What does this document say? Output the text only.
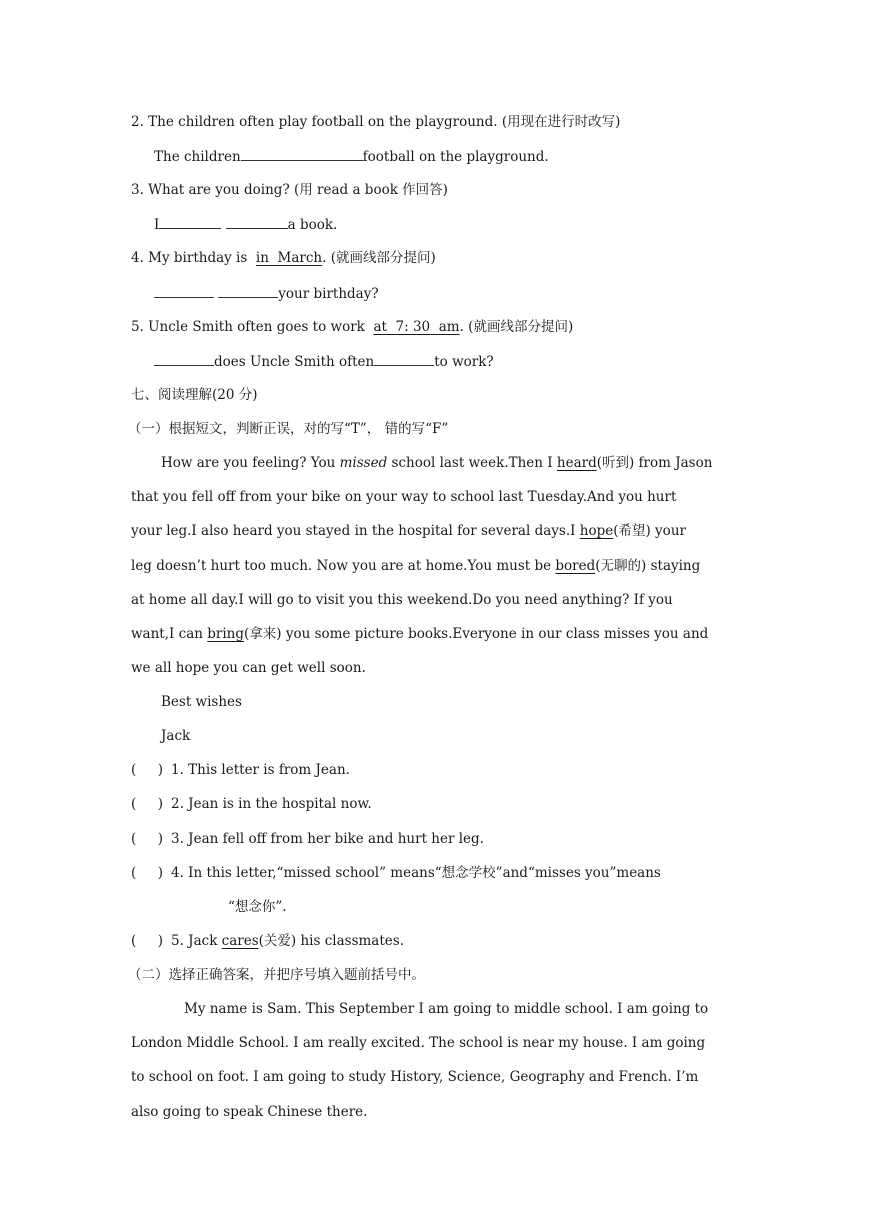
2. The children often play football on the playground. (用现在进行时改写)
The children	football on the playground.
3. What are you doing? (用 read a book 作回答)
I	a book.
4. My birthday is in March. (就画线部分提问)
your birthday?
5. Uncle Smith often goes to work at 7: 30 am. (就画线部分提问)
does Uncle Smith often	to work?
七、阅读理解(20 分)
（一）根据短文，判断正误，对的写“T”， 错的写“F”
How are you feeling? You missed school last week.Then I heard(听到) from Jason
that you fell off from your bike on your way to school last Tuesday.And you hurt
your leg.I also heard you stayed in the hospital for several days.I hope(希望) your
leg doesn’t hurt too much. Now you are at home.You must be bored(无聊的) staying
at home all day.I will go to visit you this weekend.Do you need anything? If you
want,I can bring(拿来) you some picture books.Everyone in our class misses you and
we all hope you can get well soon.
Best wishes
Jack
( ) 1. This letter is from Jean.
( ) 2. Jean is in the hospital now.
( ) 3. Jean fell off from her bike and hurt her leg.
( ) 4. In this letter,“missed school” means“想念学校”and“misses you”means
“想念你”.
( ) 5. Jack cares(关爱) his classmates.
（二）选择正确答案，并把序号填入题前括号中。
My name is Sam. This September I am going to middle school. I am going to
London Middle School. I am really excited. The school is near my house. I am going
to school on foot. I am going to study History, Science, Geography and French. I’m
also going to speak Chinese there.
